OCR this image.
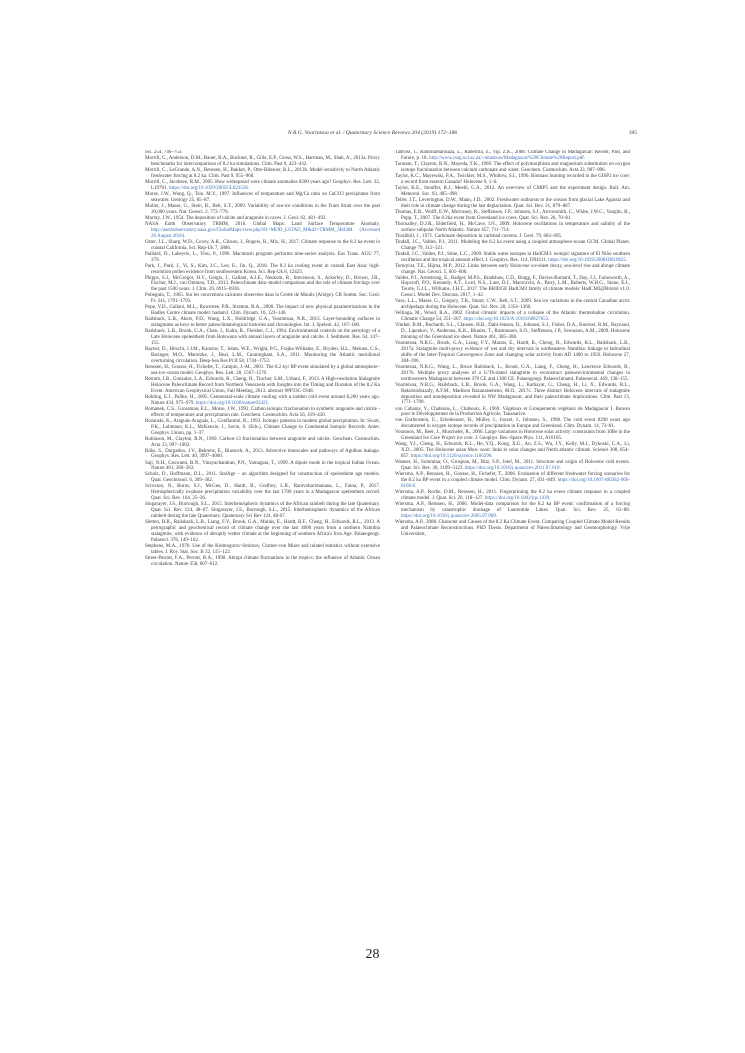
N.R.G. Voarintsoa et al. / Quaternary Science Reviews 204 (2019) 172–186	185

Sci. 254, 746–753.

Morrill, C., Anderson, D.M., Bauer, B.A., Buckner, R., Gille, E.P., Gross, W.S., Hartman, M., Shah, A., 2013a. Proxy benchmarks for intercomparison of 8.2 ka simulations. Clim. Past 9, 423–432.

Morrill, C., LeGrande, A.N., Renssen, H., Bakker, P., Otto-Bliesner, B.L., 2013b. Model sensitivity to North Atlantic freshwater forcing at 8.2 ka. Clim. Past 9, 955–968.

Morrill, C., Jacobsen, R.M., 2005. How widespread were climate anomalies 8200 years ago? Geophys. Res. Lett. 32, L19701. https://doi.org/10.1029/2005GL023536.

Morse, J.W., Wang, Q., Tsio, M.Y., 1997. Influences of temperature and Mg/Ca ratio on CaCO3 precipitates from seawater. Geology 25, 85–87.

Muller, J., Masse, G., Stein, R., Belt, S.T., 2009. Variability of sea-ice conditions in the Fram Strait over the past 30,000 years. Nat. Geosci. 2, 772–776.

Murray, J.W., 1954. The deposition of calcite and aragonite in caves. J. Geol. 62, 481–492.

NASA Earth Observatory TRMM, 2016. Global Maps: Land Surface Temperature Anomaly. http://earthobservatory.nasa.gov/GlobalMaps/view.php?d1=MOD_LSTAD_M&d2=TRMM_3B43M. (Accessed 26 August 2016).

Oster, J.L., Sharp, W.D., Covey, A.K., Gibson, J., Rogers, B., Mix, H., 2017. Climate response to the 8.2 ka event in coastal California. Sci. Rep-Uk 7, 3886.

Paillard, D., Labeyrie, L., Yiou, P., 1996. Macintosh program performs time-series analysis. Eos Trans. AGU 77, 379.

Park, J., Park, J., Yi, S., Kim, J.C., Lee, E., Jin, Q., 2018. The 8.2 ka cooling event in coastal East Asia: high-resolution pollen evidence from southwestern Korea. Sci. Rep-Uk 8, 12423.

Phipps, S.J., McGregor, H.V., Gergis, J., Gallant, A.J.E., Neukom, R., Stevenson, S., Ackerley, D., Brown, J.R., Fischer, M.J., van Ommen, T.D., 2013. Paleoclimate data–model comparison and the role of climate forcings over the past 1500 years. J. Clim. 26, 6915–6936.

Pobeguin, T., 1965. Sur les concretions calcaires observées dans la Grotte de Moulis (Ariège). CR Somm. Soc. Geol. Fr. 241, 1791–1793.

Pope, V.D., Gallani, M.L., Rowntree, P.R., Stratton, R.A., 2000. The impact of new physical parametrizations in the Hadley Centre climate model: hadam3. Clim. Dynam. 16, 123–146.

Railsback, L.B., Akers, P.D., Wang, L.X., Holdridge, G.A., Voarintsoa, N.R., 2013. Layer-bounding surfaces in stalagmites as keys to better paleoclimatological histories and chronologies. Int. J. Speleol. 42, 167–180.

Railsback, L.B., Brook, G.A., Chen, J., Kalin, R., Fleisher, C.J., 1994. Environmental controls on the petrology of a Late Holocene speleothem from Botswana with annual layers of aragonite and calcite. J. Sediment. Res. 64, 147–155.

Rayner, D., Hirschi, J.J.M., Kanzow, T., Johns, W.E., Wright, P.G., Frajka-Williams, E., Bryden, H.L., Meinen, C.S., Baringer, M.O., Marotzke, J., Beal, L.M., Cunningham, S.A., 2011. Monitoring the Atlantic meridional overturning circulation. Deep-Sea Res Pt II 58, 1744–1753.

Renssen, H., Goosse, H., Fichefet, T., Campin, J.-M., 2001. The 8.2 kyr BP event simulated by a global atmosphere–sea-ice–ocean model. Geophys. Res. Lett. 28, 1567–1570.

Retrum, J.B., Gonzalez, L.A., Edwards, R., Cheng, H., Tincher, S.M., Urbani, F., 2013. A High-resolution Stalagmite Holocene Paleoclimate Record from Northern Venezuela with Insights into the Timing and Duration of the 8.2 Ka Event. American Geophysical Union, Fall Meeting, 2013. abstract #PP33C-1948.

Rohling, E.J., Palike, H., 2005. Centennial-scale climate cooling with a sudden cold event around 8,200 years ago. Nature 434, 975–979. https://doi.org/10.1038/nature03421.

Romanek, C.S., Grossman, E.L., Morse, J.W., 1992. Carbon isotopic fractionation in synthetic aragonite and calcite - effects of temperature and precipitation rate. Geochem. Cosmochim. Acta 56, 419–430.

Rozanski, K., Araguás-Araguás, L., Gonfiantini, R., 1993. Isotopic patterns in modern global precipitation. In: Swart, P.K., Lohmann, K.L., McKenzie, J., Savin, S. (Eds.), Climate Change in Continental Isotopic Records. Amer. Geophys. Union, pp. 1–37.

Rubinson, M., Clayton, R.N., 1969. Carbon-13 fractionation between aragonite and calcite. Geochem. Cosmochim. Acta 33, 997–1002.

Rühs, S., Durgadoo, J.V., Behrens, E., Biastoch, A., 2013. Advective timescales and pathways of Agulhas leakage. Geophys. Res. Lett. 40, 3997–4000.

Saji, N.H., Goswami, B.N., Vinayachandran, P.N., Yamagata, T., 1999. A dipole mode in the tropical Indian Ocean. Nature 401, 360–363.

Scholz, D., Hoffmann, D.L., 2011. StalAge – an algorithm designed for construction of speleothem age models. Quat. Geochronol. 6, 369–382.

Scroxton, N., Burns, S.J., McGee, D., Hardt, B., Godfrey, L.R., Ranivoharimanana, L., Faina, P., 2017. Hemispherically in-phase precipitation variability over the last 1700 years in a Madagascar speleothem record. Quat. Sci. Rev. 164, 25–36.

Singarayer, J.S., Burrough, S.L., 2015. Interhemispheric dynamics of the African rainbelt during the late Quaternary. Quat. Sci. Rev. 124, 48–67. Singarayer, J.S., Burrough, S.L., 2015. Interhemispheric dynamics of the African rainbelt during the late Quaternary. Quaternary Sci Rev 124, 48-67.

Sletten, H.R., Railsback, L.B., Liang, F.Y., Brook, G.A., Marais, E., Hardt, B.F., Cheng, H., Edwards, R.L., 2013. A petrographic and geochemical record of climate change over the last 4600 years from a northern Namibia stalagmite, with evidence of abruptly wetter climate at the beginning of southern Africa's Iron Age. Palaeogeogr. Palaeocl. 376, 149–162.

Stephens, M.A., 1970. Use of the Kolmogorov-Smirnov, Cramer-von Mises and related statistics without extensive tables. J. Roy. Stat. Soc. B 32, 115–122.

Street-Perrott, F.A., Perrott, R.A., 1990. Abrupt climate fluctuations in the tropics: the influence of Atlantic Ocean circulation. Nature 358, 607–612.

Tadross, T., Randriamarolaza, L., Rabefitia, Z., Yip, Z.K., 2008. Climate Change in Madagascar: Recent, Past, and Future, p. 18. http://www.csag.uct.ac.za/~mtadross/Madagascar%20Climate%20Report.pdf.

Tarutani, T., Clayton, R.N., Mayeda, T.K., 1969. The effect of polymorphism and magnesium substitution on oxygen isotope fractionation between calcium carbonate and water. Geochem. Cosmochim. Acta 33, 987–996.

Taylor, K.C., Mayewski, P.A., Twickler, M.S., Whitlow, S.I., 1996. Biomass burning recorded in the GISP2 ice core: a record from eastern Canada? Holocene 6, 1–6.

Taylor, K.E., Stouffer, R.J., Meehl, G.A., 2012. An overview of CMIP5 and the experiment design. Bull. Am. Meteorol. Soc. 93, 485–498.

Teller, J.T., Leverington, D.W., Mann, J.D., 2002. Freshwater outbursts to the oceans from glacial Lake Agassiz and their role in climate change during the last deglaciation. Quat. Sci. Rev. 21, 879–887.

Thomas, E.R., Wolff, E.W., Mulvaney, R., Steffensen, J.P., Johnsen, S.J., Arrowsmith, C., White, J.W.C., Vaughn, B., Popp, T., 2007. The 8.2ka event from Greenland ice cores. Quat. Sci. Rev. 26, 70–81.

Thornalley, D.J.R., Elderfield, H., McCave, I.N., 2009. Holocene oscillations in temperature and salinity of the surface subpolar North Atlantic. Nature 457, 711–714.

Thrailkill, J., 1971. Carbonate deposition in carlsbad caverns. J. Geol. 79, 683–695.

Tindall, J.C., Valdes, P.J., 2011. Modeling the 8.2 ka event using a coupled atmosphere-ocean GCM. Global Planet. Change 79, 312–321.

Tindall, J.C., Valdes, P.J., Sime, L.C., 2009. Stable water isotopes in HadCM3: isotopic signature of El Niño southern oscillation and the tropical amount effect. J. Geophys. Res. 114, D04111. https://doi.org/10.1029/2008JD010825.

Tornqvist, T.E., Hijma, M.P., 2012. Links between early Holocene ice-sheet decay, sea-level rise and abrupt climate change. Nat. Geosci. 5, 601–606.

Valdes, P.J., Armstrong, E., Badger, M.P.S., Bradshaw, C.D., Bragg, F., Davies-Barnard, T., Day, J.J., Farnsworth, A., Hopcroft, P.O., Kennedy, A.T., Lord, N.S., Lunt, D.J., Marzocchi, A., Parry, L.M., Roberts, W.H.G., Stone, E.J., Tourte, G.J.L., Williams, J.H.T., 2017. The BRIDGE HadCM3 family of climate models: HadCM3@Bristol v1.0. Geosci. Model Dev. Discuss. 2017, 1–42.

Vaze, L.L., Masse, G., Gregory, T.R., Smart, C.W., Belt, S.T., 2009. Sea ice variations in the central Canadian arctic archipelago during the Holocene. Quat. Sci. Rev. 28, 1354–1366.

Vellinga, M., Wood, R.A., 2002. Global climatic impacts of a collapse of the Atlantic thermohaline circulation. Climatic Change 54, 251–267. https://doi.org/10.1023/A:1016168827653.

Vinther, B.M., Buchardt, S.L., Clausen, H.B., Dahl-Jensen, D., Johnsen, S.J., Fisher, D.A., Koerner, R.M., Raynaud, D., Lipenkov, V., Andersen, K.K., Blunier, T., Rasmussen, S.O., Steffensen, J.P., Svensson, A.M., 2009. Holocene thinning of the Greenland ice sheet. Nature 461, 385–388.

Voarintsoa, N.R.G., Brook, G.A., Liang, F.Y., Marais, E., Hardt, B., Cheng, H., Edwards, R.L., Railsback, L.B., 2017a. Stalagmite multi-proxy evidence of wet and dry intervals in northeastern Namibia: linkage to latitudinal shifts of the Inter-Tropical Convergence Zone and changing solar activity from AD 1400 to 1950. Holocene 27, 384–396.

Voarintsoa, N.R.G., Wang, L., Bruce Railsback, L., Brook, G.A., Liang, F., Cheng, H., Lawrence Edwards, R., 2017b. Multiple proxy analyses of a U/Th-dated stalagmite to reconstruct paleoenvironmental changes in northwestern Madagascar between 370 CE and 1300 CE. Palaeogeogr. Palaeoclimatol. Palaeoecol. 469, 138–155.

Voarintsoa, N.R.G., Railsback, L.B., Brook, G.A., Wang, L., Kathayat, G., Cheng, H., Li, X., Edwards, R.L., Rakotondrazafy, A.F.M., Madison Razanatseheno, M.O., 2017c. Three distinct Holocene intervals of stalagmite deposition and nondeposition revealed in NW Madagascar, and their paleoclimate implications. Clim. Past 13, 1771–1790.

von Cabanis, Y., Chabouis, L., Chabouis, F., 1969. Végétaux et Groupements végétaux de Madagascar I. Bureau pour le Développement de la Production Agricole, Tananarive.

von Grafenstein, U., Erlenkeuser, H., Müller, J., Jouzel, J., Johnsen, S., 1998. The cold event 8200 years ago documented in oxygen isotope records of precipitation in Europe and Greenland. Clim. Dynam. 14, 73–81.

Vonmoos, M., Beer, J., Muscheler, R., 2006. Large variations in Holocene solar activity: constraints from 10Be in the Greenland Ice Core Project ice core. J. Geophys. Res.-Space Phys. 111, A10105.

Wang, Y.J., Cheng, H., Edwards, R.L., He, Y.Q., Kong, X.G., An, Z.S., Wu, J.Y., Kelly, M.J., Dykoski, C.A., Li, X.D., 2005. The Holocene asian Mon- soon: links to solar changes and North atlantic climate. Science 308, 854–857. https://doi.org/10.1126/science.1106296.

Wanner, H., Solomina, O., Grosjean, M., Ritz, S.P., Jetel, M., 2011. Structure and origin of Holocene cold events. Quat. Sci. Rev. 30, 3109–3123. https://doi.org/10.1016/j.quascirev.2011.07.010.

Wiersma, A.P., Renssen, H., Goosse, H., Fichefet, T., 2006. Evaluation of different freshwater forcing scenarios for the 8.2 ka BP event in a coupled climate model. Clim. Dynam. 27, 831–849. https://doi.org/10.1007/s00382-006-0166-0.

Wiersma, A.P., Roche, D.M., Renssen, H., 2011. Fingerprinting the 8.2 ka event climate response in a coupled climate model. J. Quat. Sci. 26, 118–127. https://doi.org/10.1002/jqs.1439.

Wiersma, A.P., Renssen, H., 2006. Model-data comparison for the 8.2 ka BP event: confirmation of a forcing mechanism by catastrophic drainage of Laurentide Lakes. Quat. Sci. Rev. 25, 63–88. https://doi.org/10.1016/j.quascirev.2005.07.009.

Wiersma, A.P., 2008. Character and Causes of the 8.2 Ka Climate Event. Comparing Coupled Climate Model Results and Palaeoclimate Reconstructions. PhD Thesis. Department of Paleoclimatology and Geomorphology. Vrije Universiteit,

28
